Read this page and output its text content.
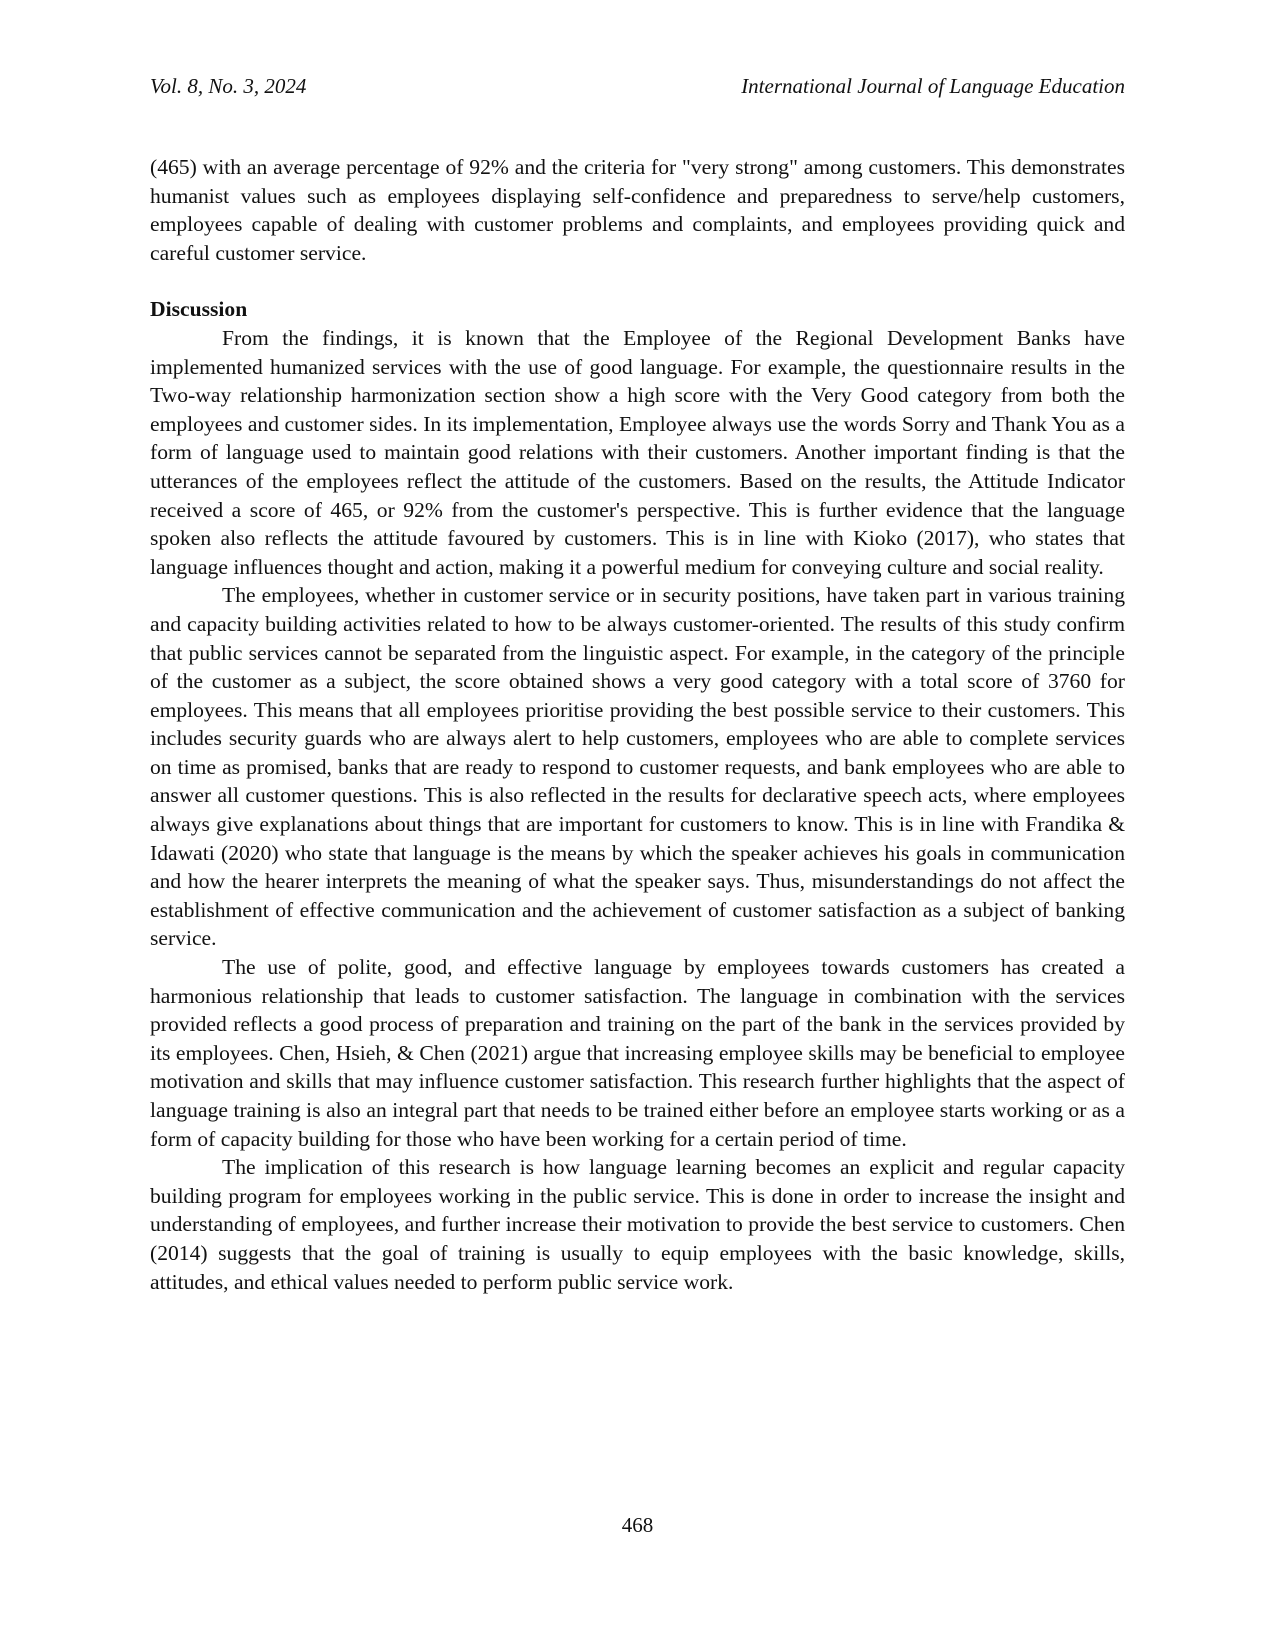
Vol. 8, No. 3, 2024	International Journal of Language Education

(465) with an average percentage of 92% and the criteria for "very strong" among customers. This demonstrates humanist values such as employees displaying self-confidence and preparedness to serve/help customers, employees capable of dealing with customer problems and complaints, and employees providing quick and careful customer service.

Discussion

From the findings, it is known that the Employee of the Regional Development Banks have implemented humanized services with the use of good language. For example, the questionnaire results in the Two-way relationship harmonization section show a high score with the Very Good category from both the employees and customer sides. In its implementation, Employee always use the words Sorry and Thank You as a form of language used to maintain good relations with their customers. Another important finding is that the utterances of the employees reflect the attitude of the customers. Based on the results, the Attitude Indicator received a score of 465, or 92% from the customer's perspective. This is further evidence that the language spoken also reflects the attitude favoured by customers. This is in line with Kioko (2017), who states that language influences thought and action, making it a powerful medium for conveying culture and social reality.

The employees, whether in customer service or in security positions, have taken part in various training and capacity building activities related to how to be always customer-oriented. The results of this study confirm that public services cannot be separated from the linguistic aspect. For example, in the category of the principle of the customer as a subject, the score obtained shows a very good category with a total score of 3760 for employees. This means that all employees prioritise providing the best possible service to their customers. This includes security guards who are always alert to help customers, employees who are able to complete services on time as promised, banks that are ready to respond to customer requests, and bank employees who are able to answer all customer questions. This is also reflected in the results for declarative speech acts, where employees always give explanations about things that are important for customers to know. This is in line with Frandika & Idawati (2020) who state that language is the means by which the speaker achieves his goals in communication and how the hearer interprets the meaning of what the speaker says. Thus, misunderstandings do not affect the establishment of effective communication and the achievement of customer satisfaction as a subject of banking service.

The use of polite, good, and effective language by employees towards customers has created a harmonious relationship that leads to customer satisfaction. The language in combination with the services provided reflects a good process of preparation and training on the part of the bank in the services provided by its employees. Chen, Hsieh, & Chen (2021) argue that increasing employee skills may be beneficial to employee motivation and skills that may influence customer satisfaction. This research further highlights that the aspect of language training is also an integral part that needs to be trained either before an employee starts working or as a form of capacity building for those who have been working for a certain period of time.

The implication of this research is how language learning becomes an explicit and regular capacity building program for employees working in the public service. This is done in order to increase the insight and understanding of employees, and further increase their motivation to provide the best service to customers. Chen (2014) suggests that the goal of training is usually to equip employees with the basic knowledge, skills, attitudes, and ethical values needed to perform public service work.

468
